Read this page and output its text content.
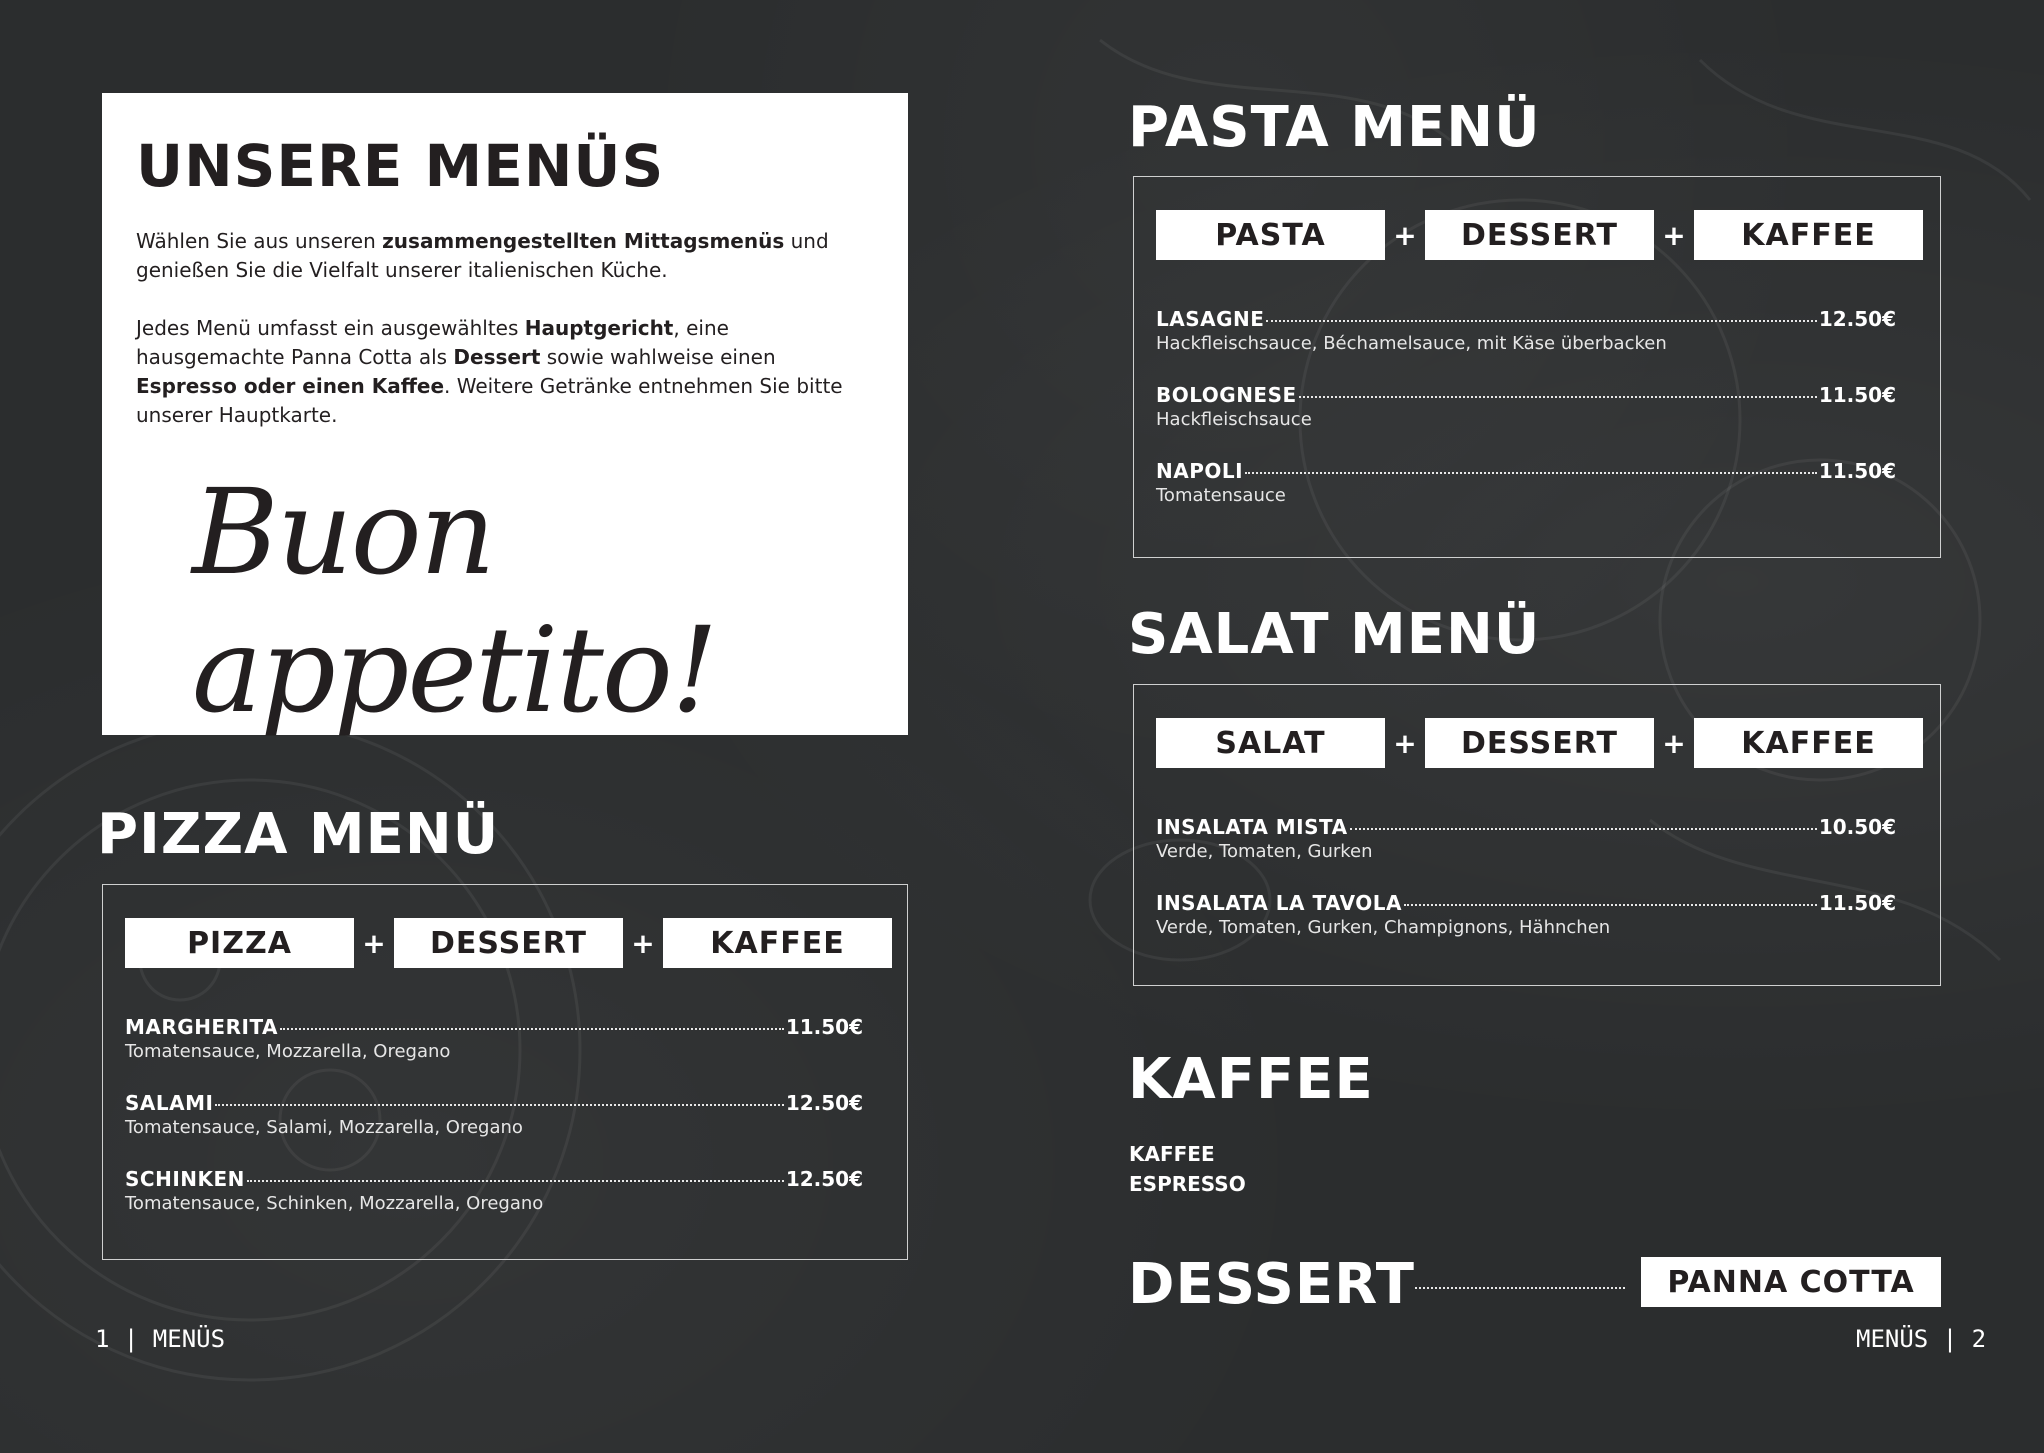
UNSERE MENÜS

Wählen Sie aus unseren zusammengestellten Mittagsmenüs und genießen Sie die Vielfalt unserer italienischen Küche.

Jedes Menü umfasst ein ausgewähltes Hauptgericht, eine hausgemachte Panna Cotta als Dessert sowie wahlweise einen Espresso oder einen Kaffee. Weitere Getränke entnehmen Sie bitte unserer Hauptkarte.

Buon appetito!
PIZZA MENÜ
PIZZA	+	DESSERT	+	KAFFEE
MARGHERITA	11.50€
Tomatensauce, Mozzarella, Oregano
SALAMI	12.50€
Tomatensauce, Salami, Mozzarella, Oregano
SCHINKEN	12.50€
Tomatensauce, Schinken, Mozzarella, Oregano
PASTA MENÜ
PASTA	+	DESSERT	+	KAFFEE
LASAGNE	12.50€
Hackfleischsauce, Béchamelsauce, mit Käse überbacken
BOLOGNESE	11.50€
Hackfleischsauce
NAPOLI	11.50€
Tomatensauce
SALAT MENÜ
SALAT	+	DESSERT	+	KAFFEE
INSALATA MISTA	10.50€
Verde, Tomaten, Gurken
INSALATA LA TAVOLA	11.50€
Verde, Tomaten, Gurken, Champignons, Hähnchen
KAFFEE
KAFFEE
ESPRESSO
DESSERT	PANNA COTTA
1 | MENÜS	MENÜS | 2
